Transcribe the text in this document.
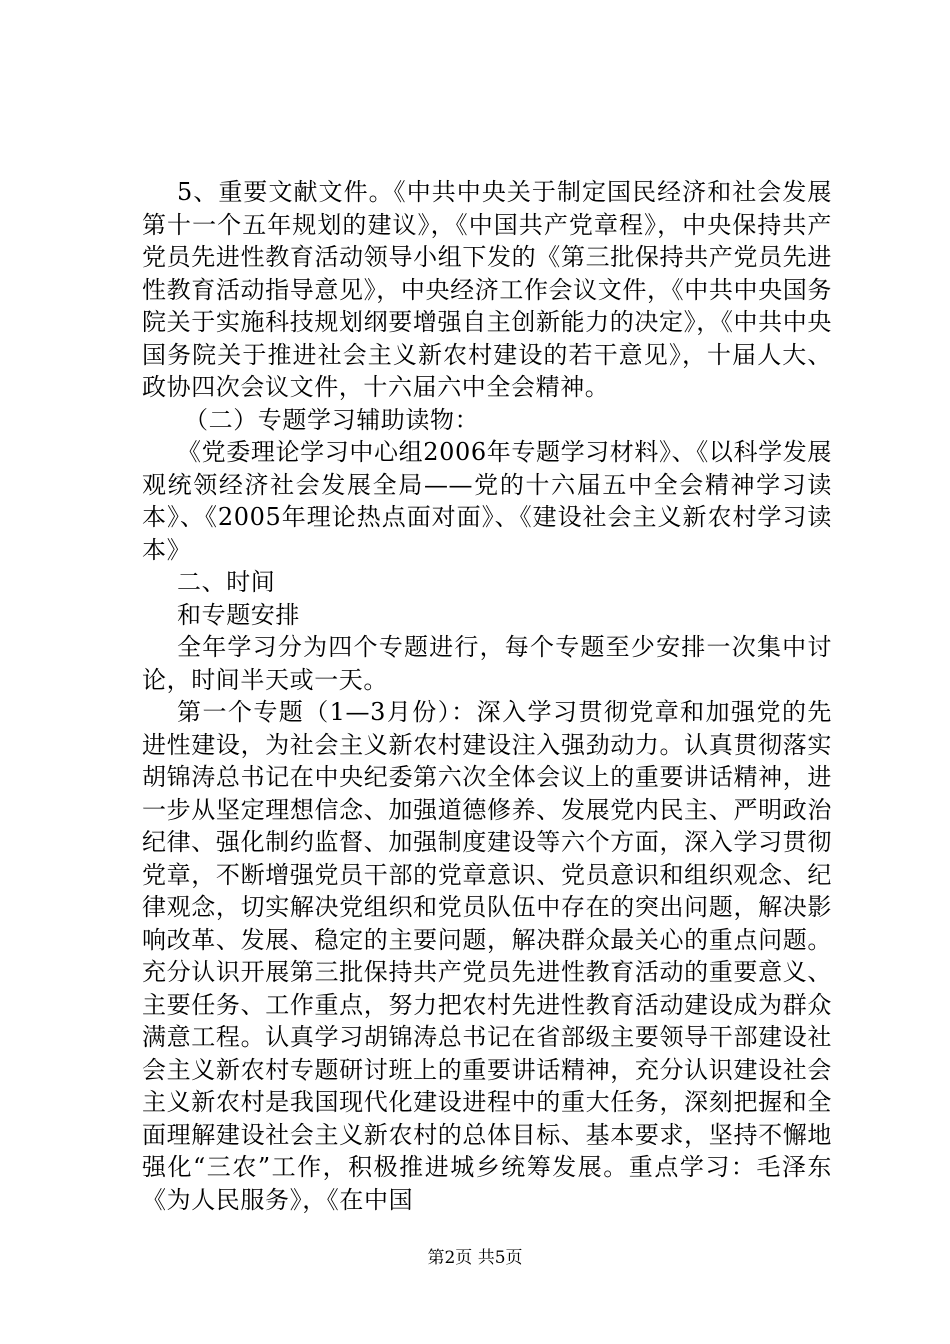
5、重要文献文件。《中共中央关于制定国民经济和社会发展第十一个五年规划的建议》，《中国共产党章程》，中央保持共产党员先进性教育活动领导小组下发的《第三批保持共产党员先进性教育活动指导意见》，中央经济工作会议文件，《中共中央国务院关于实施科技规划纲要增强自主创新能力的决定》，《中共中央国务院关于推进社会主义新农村建设的若干意见》，十届人大、政协四次会议文件，十六届六中全会精神。

（二）专题学习辅助读物：

《党委理论学习中心组2006年专题学习材料》、《以科学发展观统领经济社会发展全局——党的十六届五中全会精神学习读本》、《2005年理论热点面对面》、《建设社会主义新农村学习读本》

二、时间

和专题安排

全年学习分为四个专题进行，每个专题至少安排一次集中讨论，时间半天或一天。

第一个专题（1—3月份）：深入学习贯彻党章和加强党的先进性建设，为社会主义新农村建设注入强劲动力。认真贯彻落实胡锦涛总书记在中央纪委第六次全体会议上的重要讲话精神，进一步从坚定理想信念、加强道德修养、发展党内民主、严明政治纪律、强化制约监督、加强制度建设等六个方面，深入学习贯彻党章，不断增强党员干部的党章意识、党员意识和组织观念、纪律观念，切实解决党组织和党员队伍中存在的突出问题，解决影响改革、发展、稳定的主要问题，解决群众最关心的重点问题。充分认识开展第三批保持共产党员先进性教育活动的重要意义、主要任务、工作重点，努力把农村先进性教育活动建设成为群众满意工程。认真学习胡锦涛总书记在省部级主要领导干部建设社会主义新农村专题研讨班上的重要讲话精神，充分认识建设社会主义新农村是我国现代化建设进程中的重大任务，深刻把握和全面理解建设社会主义新农村的总体目标、基本要求，坚持不懈地强化“三农”工作，积极推进城乡统筹发展。重点学习：毛泽东《为人民服务》，《在中国

第2页 共5页
